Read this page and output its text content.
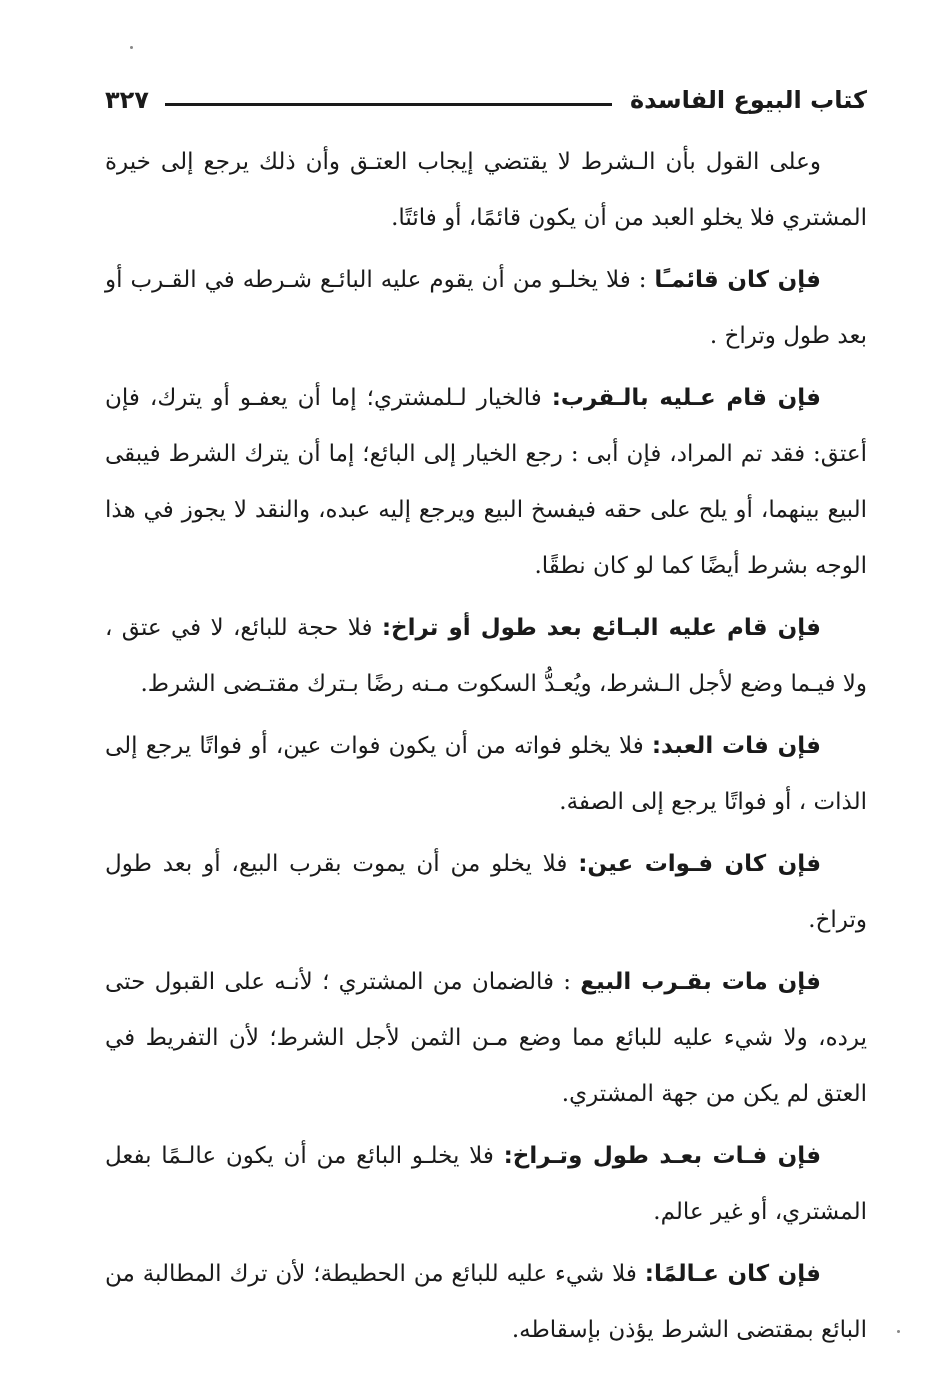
كتاب البيوع الفاسدة
٣٢٧

وعلى القول بأن الـشرط لا يقتضي إيجاب العتـق وأن ذلك يرجع إلى خيرة المشتري فلا يخلو العبد من أن يكون قائمًا، أو فائتًا.

فإن كان قائمـًا : فلا يخلـو من أن يقوم عليه البائـع شـرطه في القـرب أو بعد طول وتراخ .

فإن قام عـليه بالـقرب: فالخيار لـلمشتري؛ إما أن يعفـو أو يترك، فإن أعتق: فقد تم المراد، فإن أبى : رجع الخيار إلى البائع؛ إما أن يترك الشرط فيبقى البيع بينهما، أو يلح على حقه فيفسخ البيع ويرجع إليه عبده، والنقد لا يجوز في هذا الوجه بشرط أيضًا كما لو كان نطقًا.

فإن قام عليه البـائع بعد طول أو تراخ: فلا حجة للبائع، لا في عتق ، ولا فيـما وضع لأجل الـشرط، ويُعـدُّ السكوت مـنه رضًا بـترك مقتـضى الشرط.

فإن فات العبد: فلا يخلو فواته من أن يكون فوات عين، أو فواتًا يرجع إلى الذات ، أو فواتًا يرجع إلى الصفة.

فإن كان فـوات عين: فلا يخلو من أن يموت بقرب البيع، أو بعد طول وتراخ.

فإن مات بقـرب البيع : فالضمان من المشتري ؛ لأنـه على القبول حتى يرده، ولا شيء عليه للبائع مما وضع مـن الثمن لأجل الشرط؛ لأن التفريط في العتق لم يكن من جهة المشتري.

فإن فـات بعـد طول وتـراخ: فلا يخلـو البائع من أن يكون عالـمًا بفعل المشتري، أو غير عالم.

فإن كان عـالمًا: فلا شيء عليه للبائع من الحطيطة؛ لأن ترك المطالبة من البائع بمقتضى الشرط يؤذن بإسقاطه.
